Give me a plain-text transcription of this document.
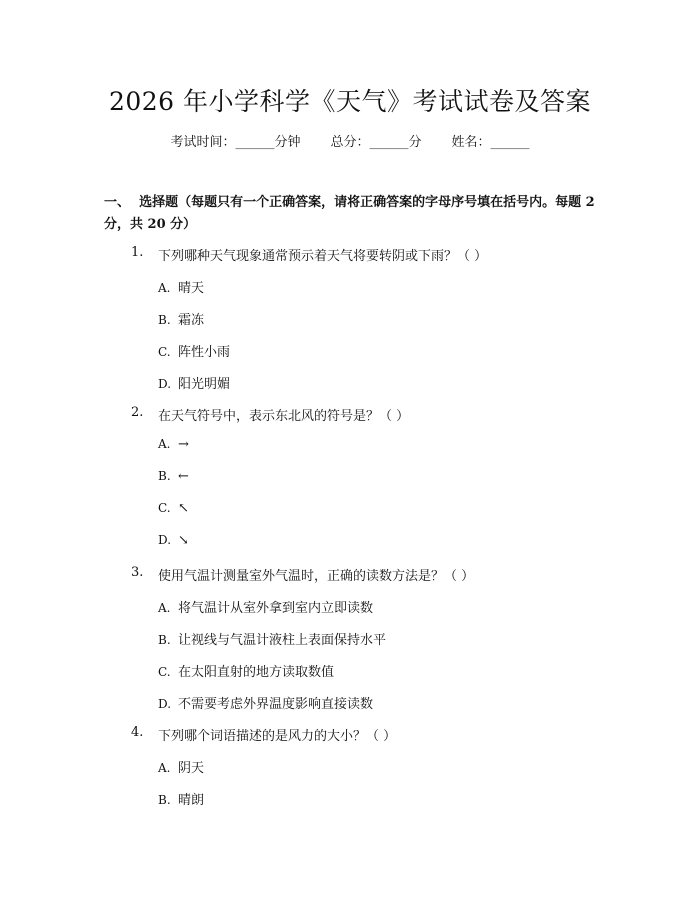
2026 年小学科学《天气》考试试卷及答案
考试时间：______分钟 总分：______分 姓名：______

一、 选择题（每题只有一个正确答案，请将正确答案的字母序号填在括号内。每题 2 分，共 20 分）

1. 下列哪种天气现象通常预示着天气将要转阴或下雨？（ ）
A. 晴天
B. 霜冻
C. 阵性小雨
D. 阳光明媚
2. 在天气符号中，表示东北风的符号是？（ ）
A. →
B. ←
C. ↖
D. ↘
3. 使用气温计测量室外气温时，正确的读数方法是？（ ）
A. 将气温计从室外拿到室内立即读数
B. 让视线与气温计液柱上表面保持水平
C. 在太阳直射的地方读取数值
D. 不需要考虑外界温度影响直接读数
4. 下列哪个词语描述的是风力的大小？（ ）
A. 阴天
B. 晴朗
